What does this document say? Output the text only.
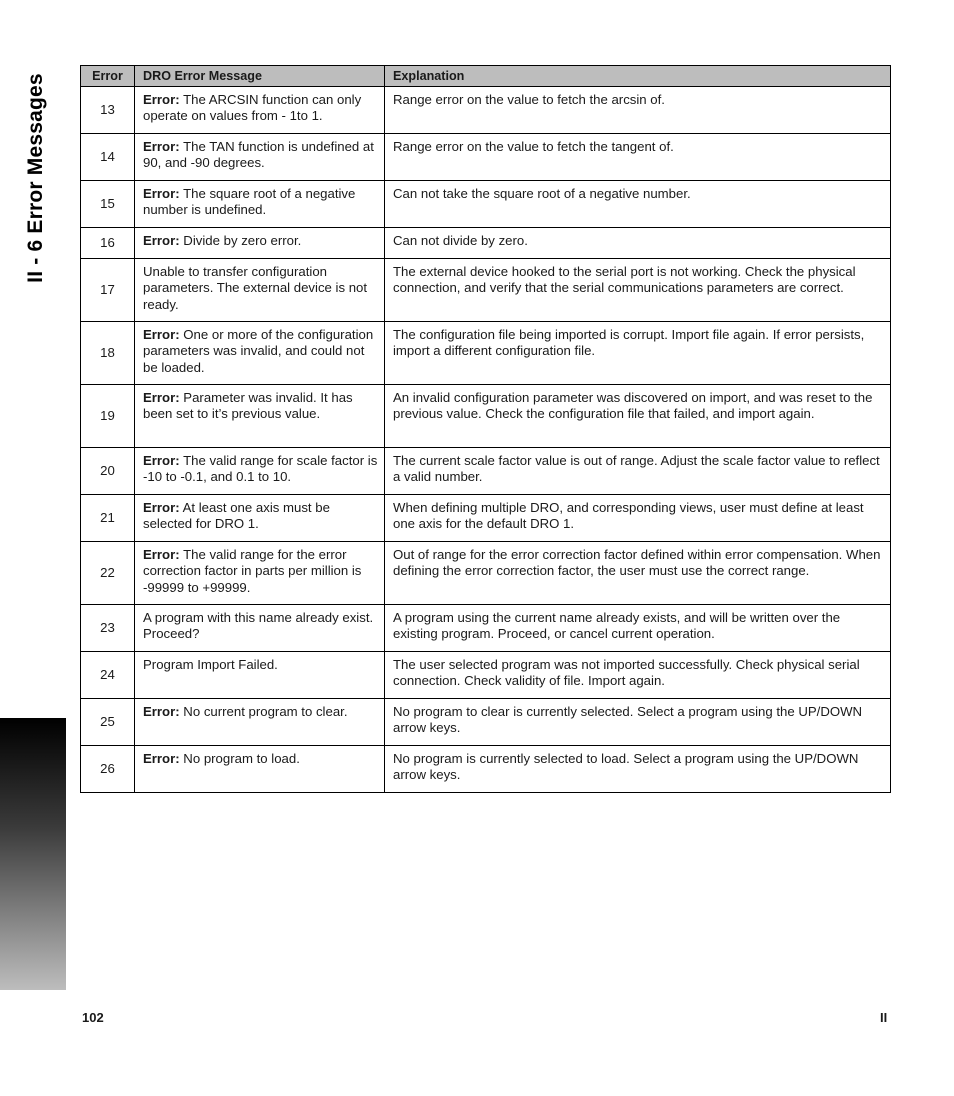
II - 6 Error Messages	Error	DRO Error Message	Explanation
13	Error: The ARCSIN function can only operate on values from - 1to 1.	Range error on the value to fetch the arcsin of.
14	Error: The TAN function is undefined at 90, and -90 degrees.	Range error on the value to fetch the tangent of.
15	Error: The square root of a negative number is undefined.	Can not take the square root of a negative number.
16	Error: Divide by zero error.	Can not divide by zero.
17	Unable to transfer configuration parameters. The external device is not ready.	The external device hooked to the serial port is not working. Check the physical connection, and verify that the serial communications parameters are correct.
18	Error: One or more of the configuration parameters was invalid, and could not be loaded.	The configuration file being imported is corrupt. Import file again. If error persists, import a different configuration file.
19	Error: Parameter was invalid. It has been set to it’s previous value.	An invalid configuration parameter was discovered on import, and was reset to the previous value. Check the configuration file that failed, and import again.
20	Error: The valid range for scale factor is -10 to -0.1, and 0.1 to 10.	The current scale factor value is out of range. Adjust the scale factor value to reflect a valid number.
21	Error: At least one axis must be selected for DRO 1.	When defining multiple DRO, and corresponding views, user must define at least one axis for the default DRO 1.
22	Error: The valid range for the error correction factor in parts per million is -99999 to +99999.	Out of range for the error correction factor defined within error compensation. When defining the error correction factor, the user must use the correct range.
23	A program with this name already exist. Proceed?	A program using the current name already exists, and will be written over the existing program. Proceed, or cancel current operation.
24	Program Import Failed.	The user selected program was not imported successfully. Check physical serial connection. Check validity of file. Import again.
25	Error: No current program to clear.	No program to clear is currently selected. Select a program using the UP/DOWN arrow keys.
26	Error: No program to load.	No program is currently selected to load. Select a program using the UP/DOWN arrow keys.
102	II
